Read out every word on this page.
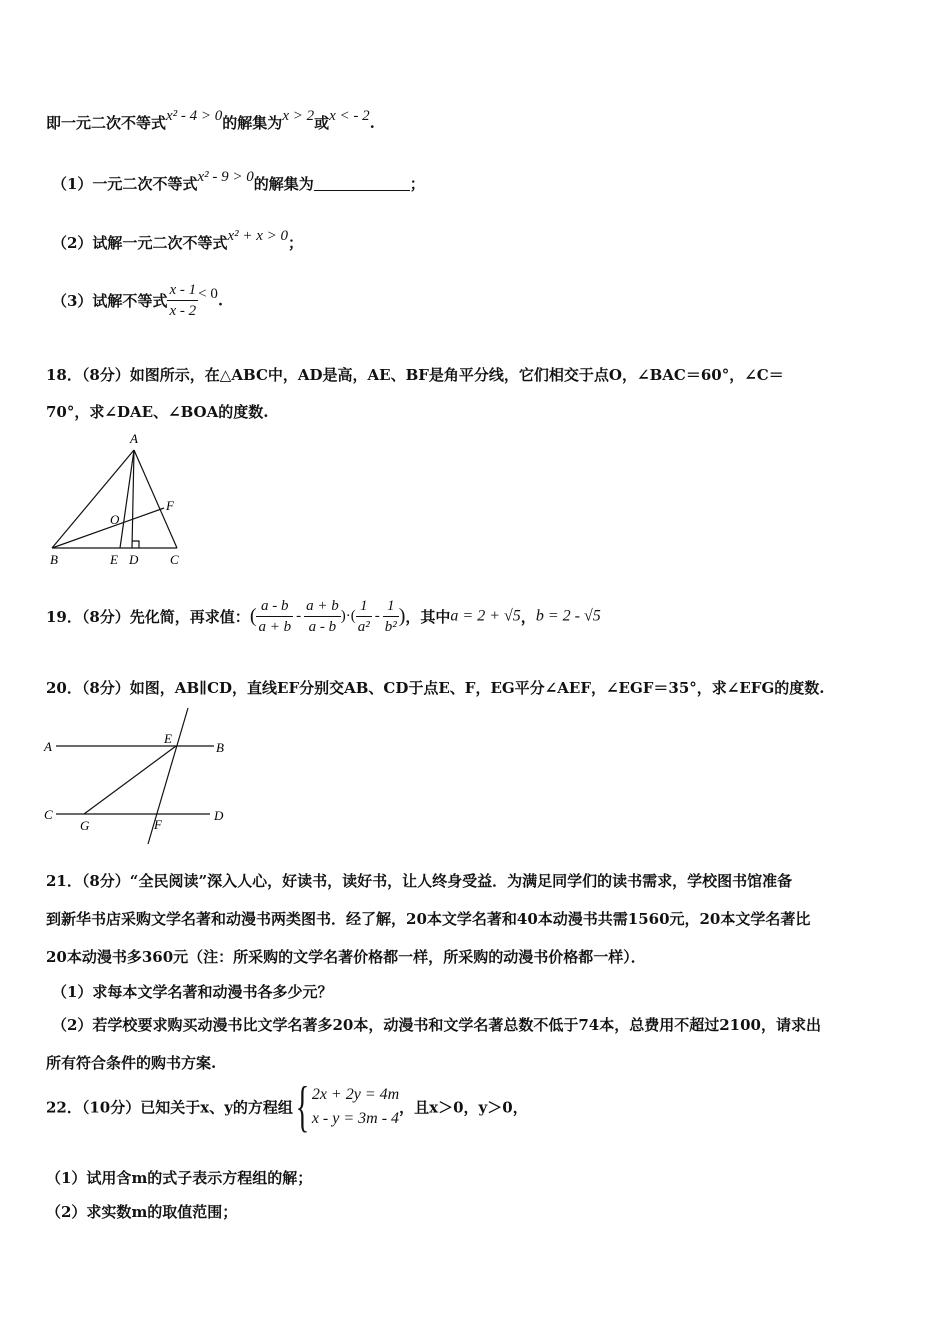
即一元二次不等式x² - 4 > 0的解集为x > 2或x < - 2.
（1）一元二次不等式x² - 9 > 0的解集为	；
（2）试解一元二次不等式x² + x > 0；
（3）试解不等式 $\frac{x - 1}{x - 2} < 0$.
18．（8分）如图所示，在△ABC中，AD是高，AE、BF是角平分线，它们相交于点O，∠BAC＝60°，∠C＝
70°，求∠DAE、∠BOA的度数.
A
B	C
D
E
F
O
19．（8分）先化简，再求值：( $\frac{a - b}{a + b} - \frac{a + b}{a - b}$ )·( $\frac{1}{\text{a²}} - \frac{1}{\text{b²}}$ )，其中a = 2 + √5，b = 2 - √5
20．（8分）如图，AB∥CD，直线EF分别交AB、CD于点E、F，EG平分∠AEF，∠EGF＝35°，求∠EFG的度数.
A	B
C	D
E
F
G
21．（8分）“全民阅读”深入人心，好读书，读好书，让人终身受益．为满足同学们的读书需求，学校图书馆准备
到新华书店采购文学名著和动漫书两类图书．经了解，20本文学名著和40本动漫书共需1560元，20本文学名著比
20本动漫书多360元（注：所采购的文学名著价格都一样，所采购的动漫书价格都一样）．
（1）求每本文学名著和动漫书各多少元？
（2）若学校要求购买动漫书比文学名著多20本，动漫书和文学名著总数不低于74本，总费用不超过2100，请求出
所有符合条件的购书方案.
22．（10分）已知关于x、y的方程组{ 2x + 2y = 4m
x - y = 3m - 4
，且x＞0，y＞0，
（1）试用含m的式子表示方程组的解；
（2）求实数m的取值范围；
